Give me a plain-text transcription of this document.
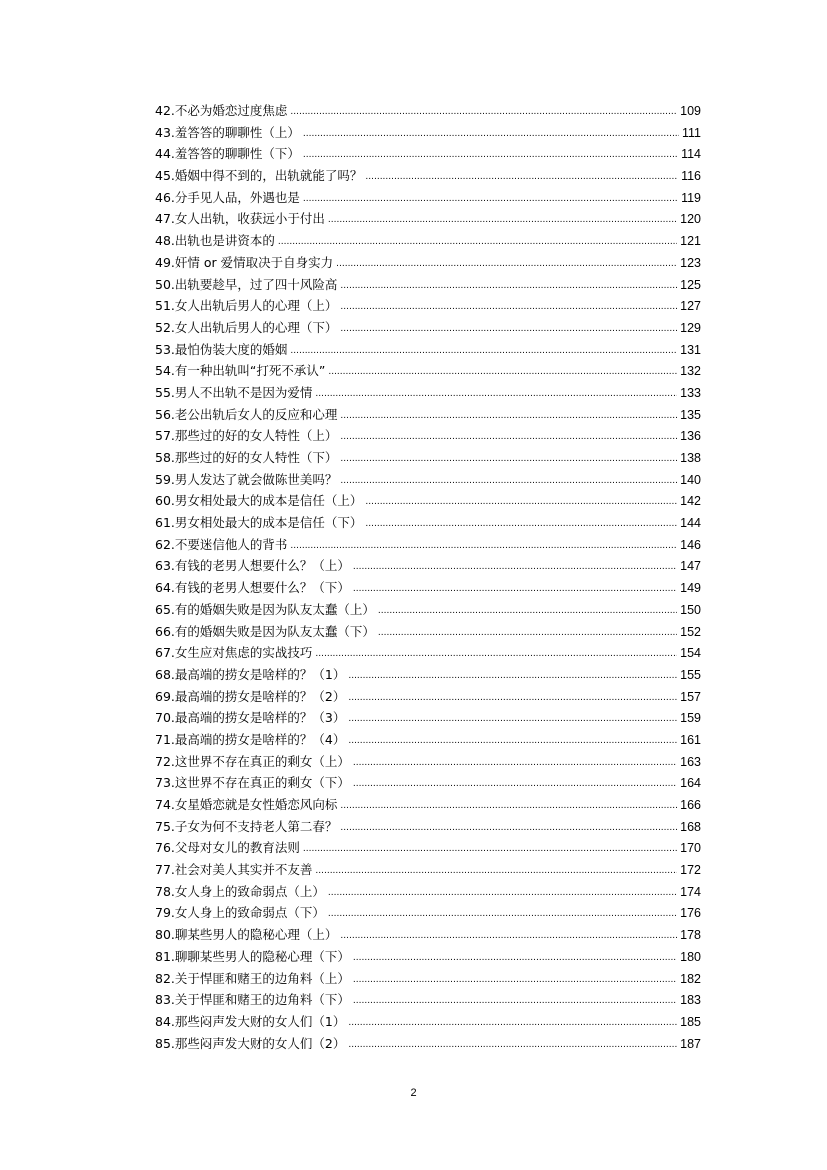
42.不必为婚恋过度焦虑 .....	109
43.羞答答的聊聊性（上） .....	111
44.羞答答的聊聊性（下） .....	114
45.婚姻中得不到的，出轨就能了吗？ .....	116
46.分手见人品，外遇也是 .....	119
47.女人出轨，收获远小于付出 .....	120
48.出轨也是讲资本的 .....	121
49.奸情 or 爱情取决于自身实力 .....	123
50.出轨要趁早，过了四十风险高 .....	125
51.女人出轨后男人的心理（上） .....	127
52.女人出轨后男人的心理（下） .....	129
53.最怕伪装大度的婚姻 .....	131
54.有一种出轨叫“打死不承认” .....	132
55.男人不出轨不是因为爱情 .....	133
56.老公出轨后女人的反应和心理 .....	135
57.那些过的好的女人特性（上） .....	136
58.那些过的好的女人特性（下） .....	138
59.男人发达了就会做陈世美吗？ .....	140
60.男女相处最大的成本是信任（上） .....	142
61.男女相处最大的成本是信任（下） .....	144
62.不要迷信他人的背书 .....	146
63.有钱的老男人想要什么？（上） .....	147
64.有钱的老男人想要什么？（下） .....	149
65.有的婚姻失败是因为队友太蠢（上） .....	150
66.有的婚姻失败是因为队友太蠢（下） .....	152
67.女生应对焦虑的实战技巧 .....	154
68.最高端的捞女是啥样的？（1） .....	155
69.最高端的捞女是啥样的？（2） .....	157
70.最高端的捞女是啥样的？（3） .....	159
71.最高端的捞女是啥样的？（4） .....	161
72.这世界不存在真正的剩女（上） .....	163
73.这世界不存在真正的剩女（下） .....	164
74.女星婚恋就是女性婚恋风向标 .....	166
75.子女为何不支持老人第二春？ .....	168
76.父母对女儿的教育法则 .....	170
77.社会对美人其实并不友善 .....	172
78.女人身上的致命弱点（上） .....	174
79.女人身上的致命弱点（下） .....	176
80.聊某些男人的隐秘心理（上） .....	178
81.聊聊某些男人的隐秘心理（下） .....	180
82.关于悍匪和赌王的边角料（上） .....	182
83.关于悍匪和赌王的边角料（下） .....	183
84.那些闷声发大财的女人们（1） .....	185
85.那些闷声发大财的女人们（2） .....	187
2
